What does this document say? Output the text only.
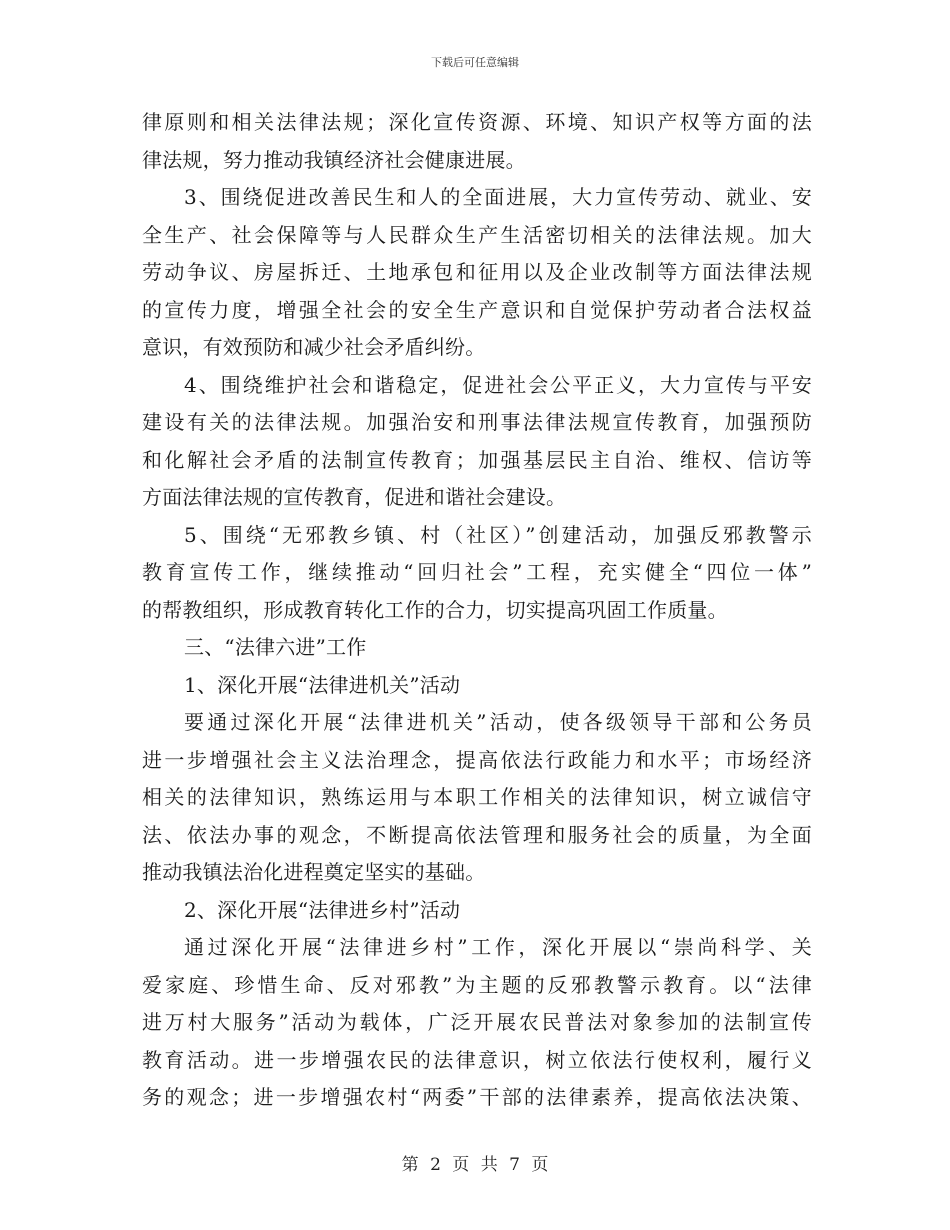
下载后可任意编辑
律原则和相关法律法规；深化宣传资源、环境、知识产权等方面的法
律法规，努力推动我镇经济社会健康进展。
3、围绕促进改善民生和人的全面进展，大力宣传劳动、就业、安
全生产、社会保障等与人民群众生产生活密切相关的法律法规。加大
劳动争议、房屋拆迁、土地承包和征用以及企业改制等方面法律法规
的宣传力度，增强全社会的安全生产意识和自觉保护劳动者合法权益
意识，有效预防和减少社会矛盾纠纷。
4、围绕维护社会和谐稳定，促进社会公平正义，大力宣传与平安
建设有关的法律法规。加强治安和刑事法律法规宣传教育，加强预防
和化解社会矛盾的法制宣传教育；加强基层民主自治、维权、信访等
方面法律法规的宣传教育，促进和谐社会建设。
5、围绕“无邪教乡镇、村（社区）”创建活动，加强反邪教警示
教育宣传工作，继续推动“回归社会”工程，充实健全“四位一体”
的帮教组织，形成教育转化工作的合力，切实提高巩固工作质量。
三、“法律六进”工作
1、深化开展“法律进机关”活动
要通过深化开展“法律进机关”活动，使各级领导干部和公务员
进一步增强社会主义法治理念，提高依法行政能力和水平；市场经济
相关的法律知识，熟练运用与本职工作相关的法律知识，树立诚信守
法、依法办事的观念，不断提高依法管理和服务社会的质量，为全面
推动我镇法治化进程奠定坚实的基础。
2、深化开展“法律进乡村”活动
通过深化开展“法律进乡村”工作，深化开展以“崇尚科学、关
爱家庭、珍惜生命、反对邪教”为主题的反邪教警示教育。以“法律
进万村大服务”活动为载体，广泛开展农民普法对象参加的法制宣传
教育活动。进一步增强农民的法律意识，树立依法行使权利，履行义
务的观念；进一步增强农村“两委”干部的法律素养，提高依法决策、
第 2 页 共 7 页
